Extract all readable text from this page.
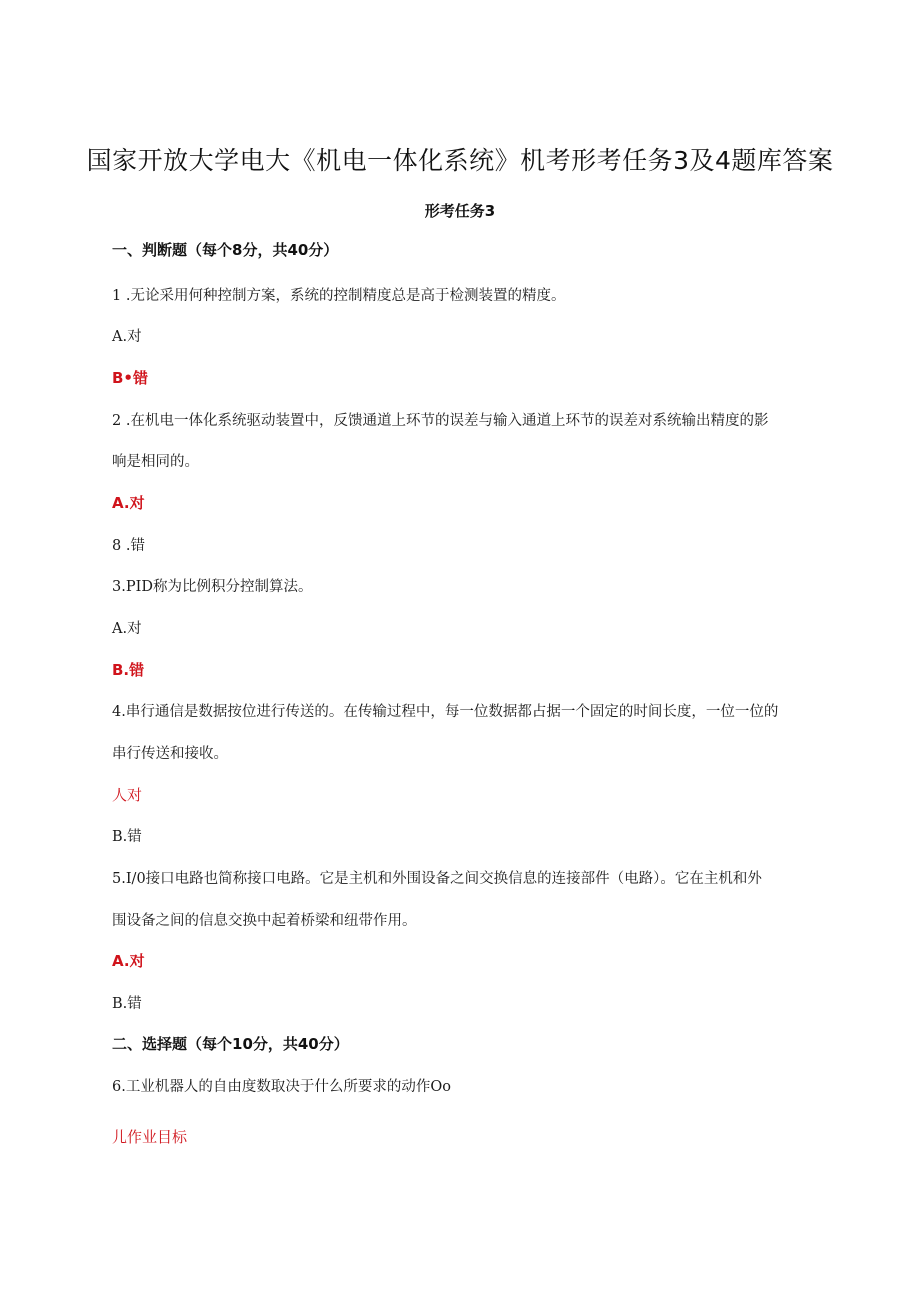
国家开放大学电大《机电一体化系统》机考形考任务3及4题库答案
形考任务3
一、判断题（每个8分，共40分）
1 .无论采用何种控制方案，系统的控制精度总是高于检测装置的精度。
A.对
B•错
2 .在机电一体化系统驱动装置中，反馈通道上环节的误差与输入通道上环节的误差对系统输出精度的影
响是相同的。
A.对
8 .错
3.PID称为比例积分控制算法。
A.对
B.错
4.串行通信是数据按位进行传送的。在传输过程中，每一位数据都占据一个固定的时间长度，一位一位的
串行传送和接收。
人对
B.错
5.I/0接口电路也简称接口电路。它是主机和外围设备之间交换信息的连接部件（电路）。它在主机和外
围设备之间的信息交换中起着桥梁和纽带作用。
A.对
B.错
二、选择题（每个10分，共40分）
6.工业机器人的自由度数取决于什么所要求的动作Oo
儿作业目标
